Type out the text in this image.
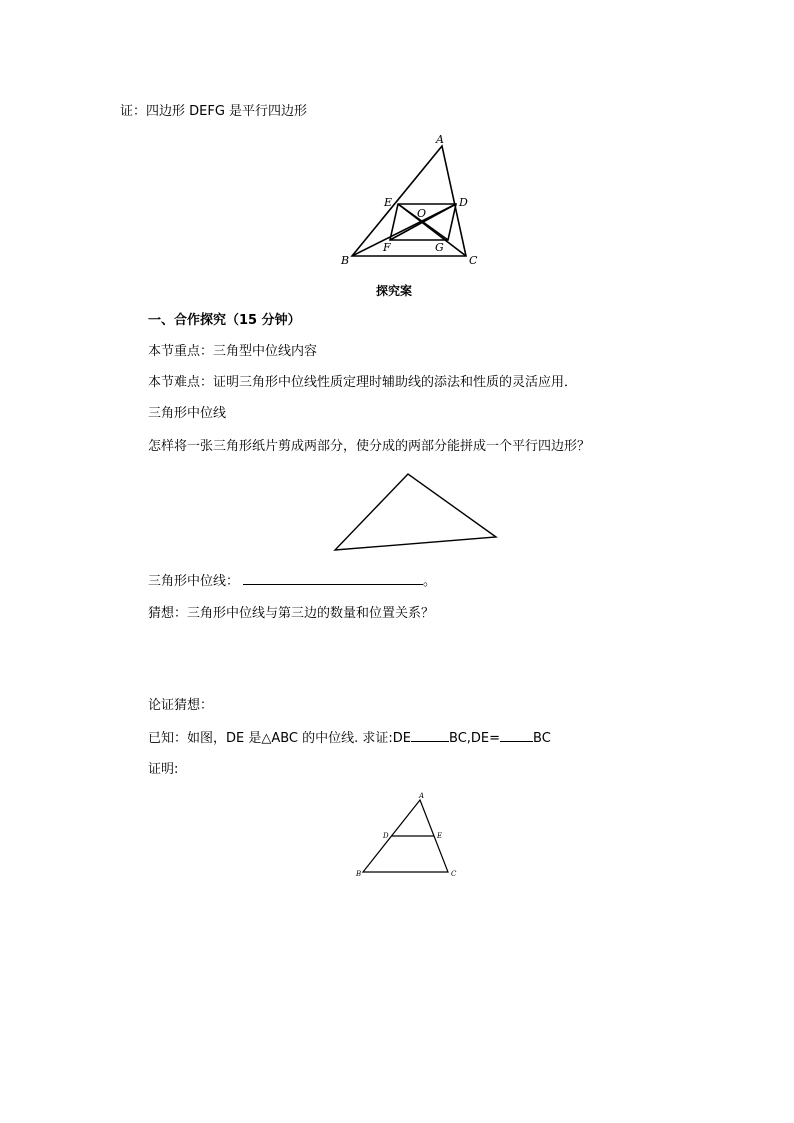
证：四边形 DEFG 是平行四边形
A
E	D
O
F	G
B	C
探究案
一、合作探究（15 分钟）
本节重点：三角型中位线内容
本节难点：证明三角形中位线性质定理时辅助线的添法和性质的灵活应用．
三角形中位线
怎样将一张三角形纸片剪成两部分，使分成的两部分能拼成一个平行四边形？
三角形中位线：	。
猜想：三角形中位线与第三边的数量和位置关系？
论证猜想：
已知：如图，DE 是△ABC 的中位线. 求证:DE	BC,DE=	BC
证明:
A
D	E
B	C
